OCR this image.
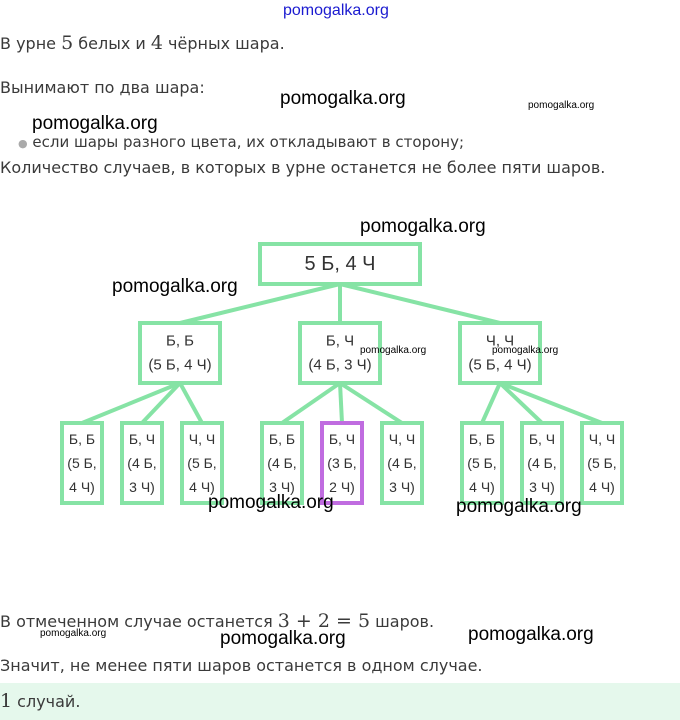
pomogalka.org
В урне 5 белых и 4 чёрных шара.
Вынимают по два шара:
● если шары разного цвета, их откладывают в сторону;
Количество случаев, в которых в урне останется не более пяти шаров.
5 Б, 4 Ч
Б, Б
(5 Б, 4 Ч)
Б, Ч
(4 Б, 3 Ч)
Ч, Ч
(5 Б, 4 Ч)
Б, Б
(5 Б,
4 Ч)
Б, Ч
(4 Б,
3 Ч)
Ч, Ч
(5 Б,
4 Ч)
Б, Б
(4 Б,
3 Ч)
Б, Ч
(3 Б,
2 Ч)
Ч, Ч
(4 Б,
3 Ч)
Б, Б
(5 Б,
4 Ч)
Б, Ч
(4 Б,
3 Ч)
Ч, Ч
(5 Б,
4 Ч)
В отмеченном случае останется 3 + 2 = 5 шаров.
Значит, не менее пяти шаров останется в одном случае.
1 случай.
pomogalka.org
pomogalka.org
pomogalka.org
pomogalka.org
pomogalka.org	pomogalka.org
pomogalka.org	pomogalka.org
pomogalka.org
pomogalka.org	pomogalka.org
pomogalka.org
